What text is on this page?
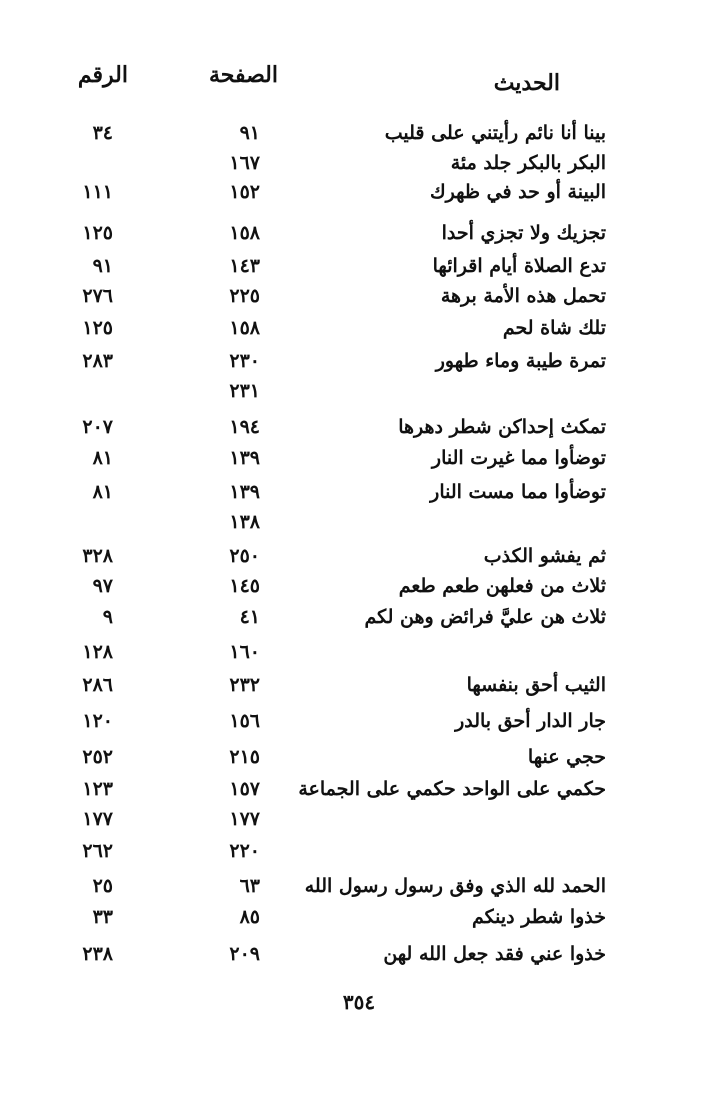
الحديث
الصفحة
الرقم
بينا أنا نائم رأيتني على قليب
٩١
٣٤
البكر بالبكر جلد مئة
١٦٧
البينة أو حد في ظهرك
١٥٢
١١١
تجزيك ولا تجزي أحدا
١٥٨
١٢٥
تدع الصلاة أيام اقرائها
١٤٣
٩١
تحمل هذه الأمة برهة
٢٢٥
٢٧٦
تلك شاة لحم
١٥٨
١٢٥
تمرة طيبة وماء طهور
٢٣٠
٢٨٣
٢٣١
تمكث إحداكن شطر دهرها
١٩٤
٢٠٧
توضأوا مما غيرت النار
١٣٩
٨١
توضأوا مما مست النار
١٣٩
٨١
١٣٨
ثم يفشو الكذب
٢٥٠
٣٢٨
ثلاث من فعلهن طعم طعم
١٤٥
٩٧
ثلاث هن عليَّ فرائض وهن لكم
٤١
٩
١٦٠
١٢٨
الثيب أحق بنفسها
٢٣٢
٢٨٦
جار الدار أحق بالدر
١٥٦
١٢٠
حجي عنها
٢١٥
٢٥٢
حكمي على الواحد حكمي على الجماعة
١٥٧
١٢٣
١٧٧
١٧٧
٢٢٠
٢٦٢
الحمد لله الذي وفق رسول رسول الله
٦٣
٢٥
خذوا شطر دينكم
٨٥
٣٣
خذوا عني فقد جعل الله لهن
٢٠٩
٢٣٨
٣٥٤
